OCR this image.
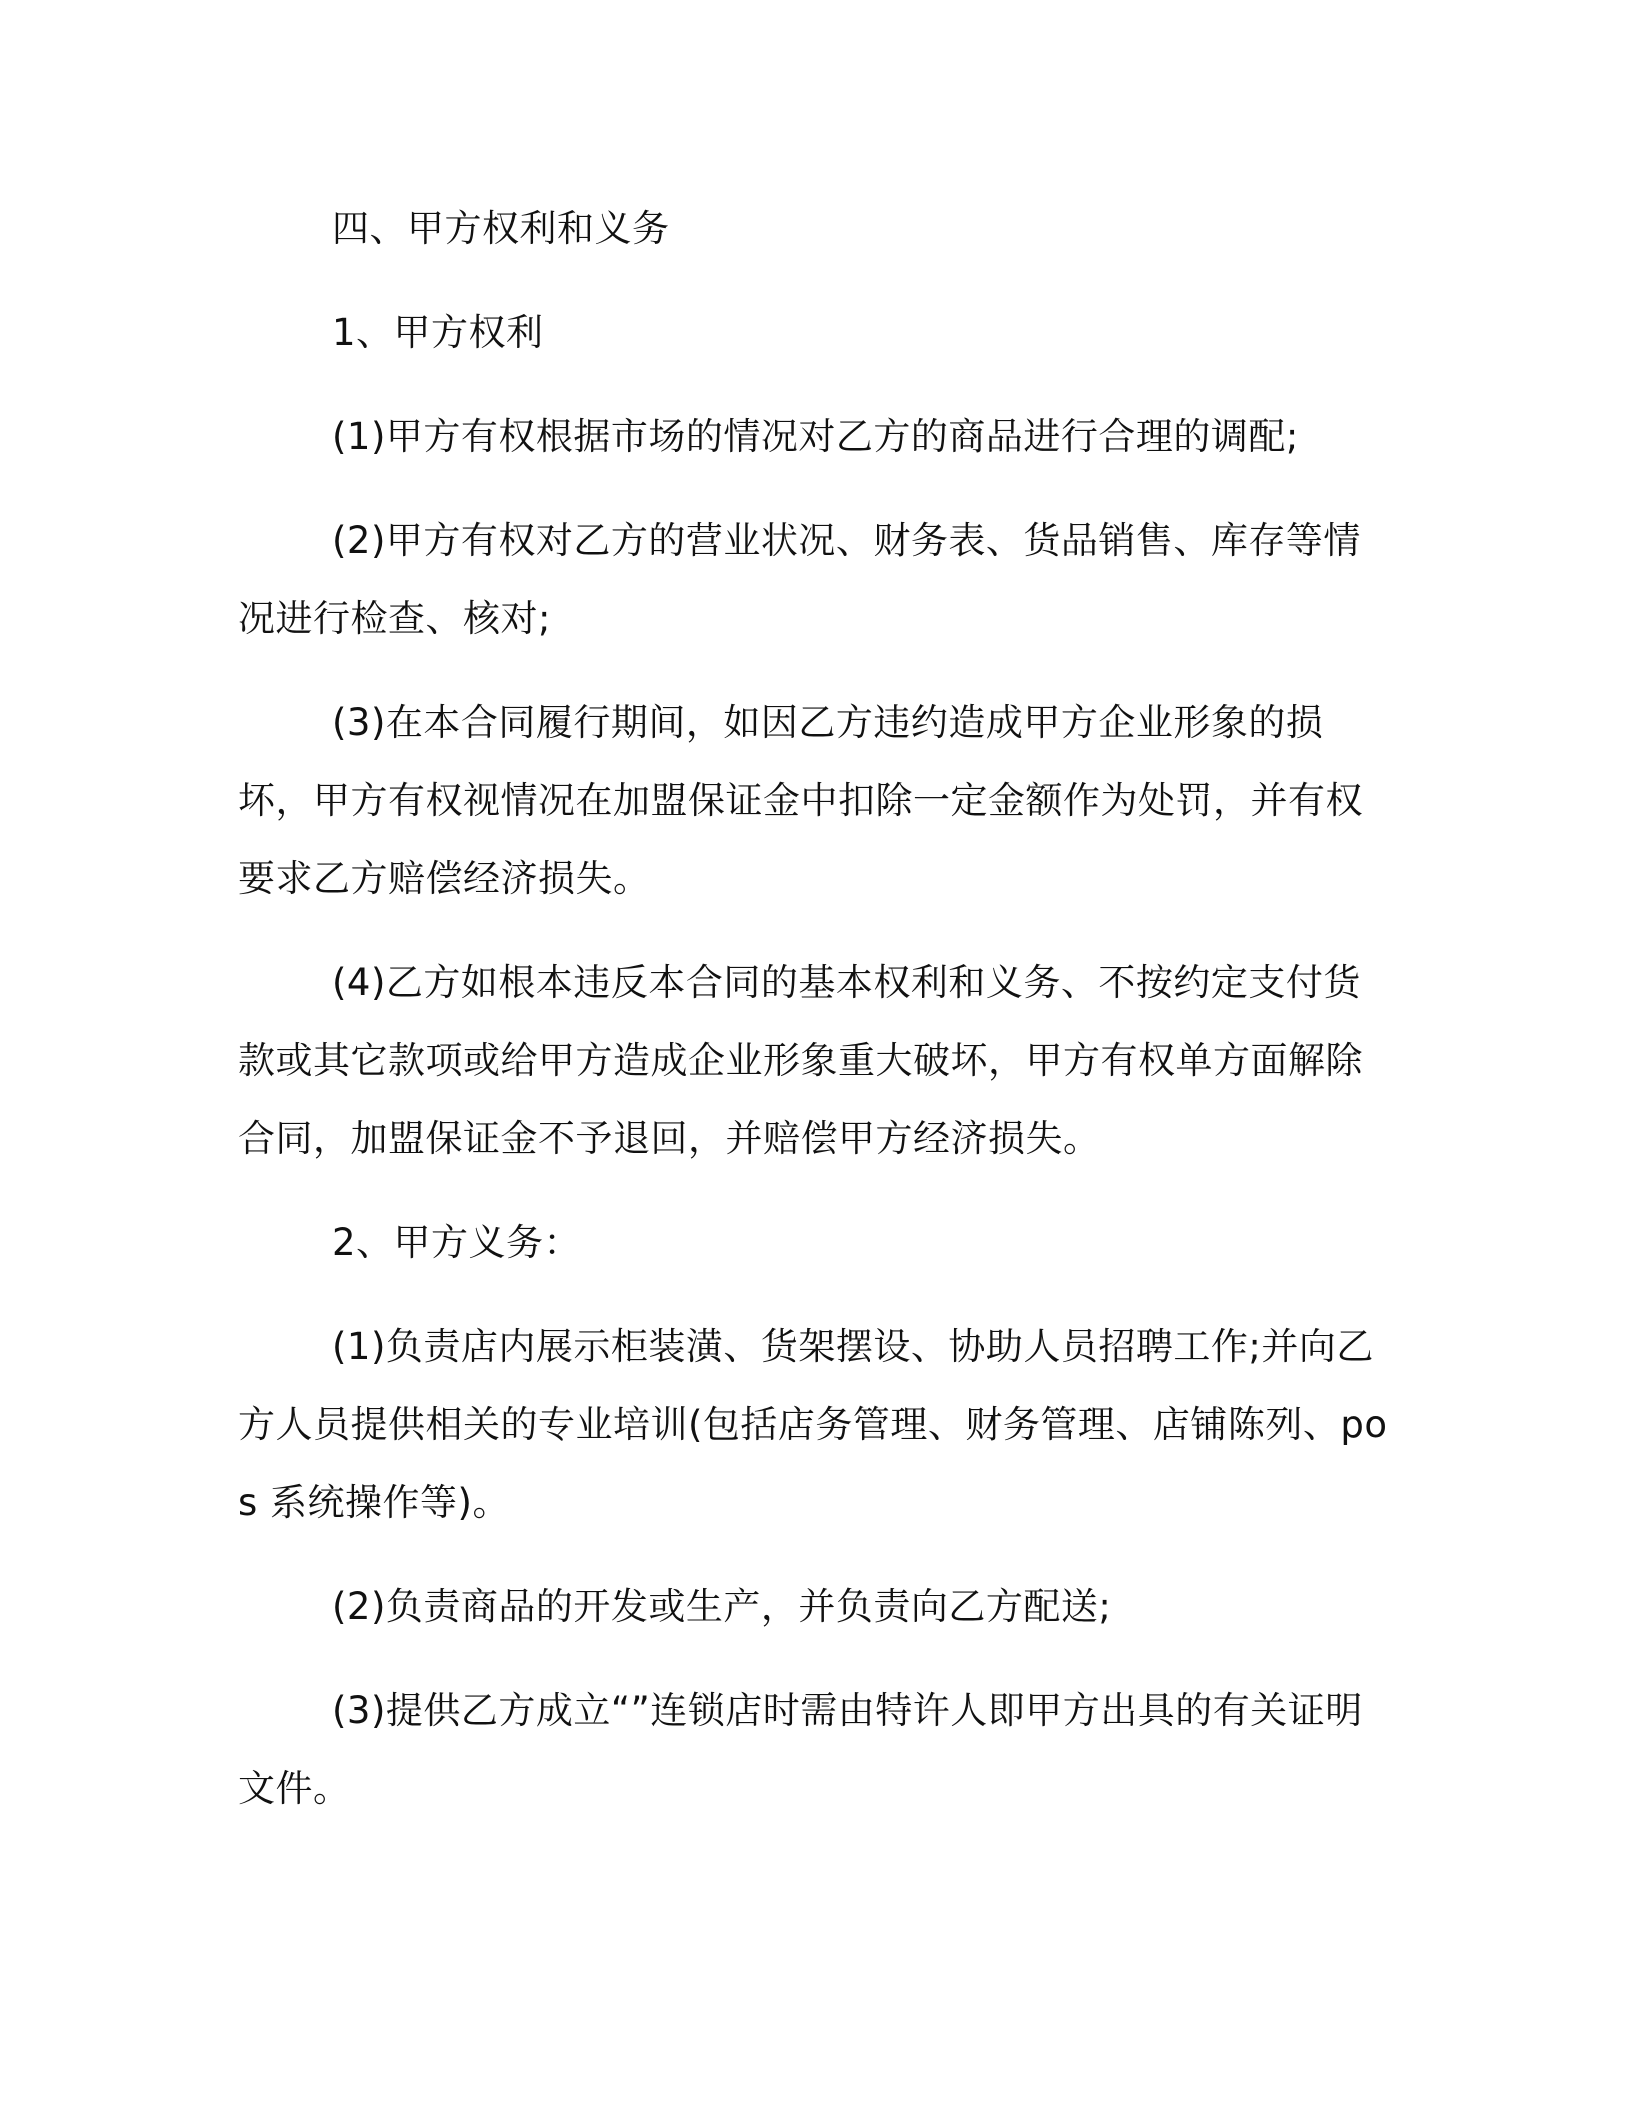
四、甲方权利和义务

1、甲方权利

(1)甲方有权根据市场的情况对乙方的商品进行合理的调配;

(2)甲方有权对乙方的营业状况、财务表、货品销售、库存等情况进行检查、核对;

(3)在本合同履行期间，如因乙方违约造成甲方企业形象的损坏，甲方有权视情况在加盟保证金中扣除一定金额作为处罚，并有权要求乙方赔偿经济损失。

(4)乙方如根本违反本合同的基本权利和义务、不按约定支付货款或其它款项或给甲方造成企业形象重大破坏，甲方有权单方面解除合同，加盟保证金不予退回，并赔偿甲方经济损失。

2、甲方义务：

(1)负责店内展示柜装潢、货架摆设、协助人员招聘工作;并向乙方人员提供相关的专业培训(包括店务管理、财务管理、店铺陈列、pos 系统操作等)。

(2)负责商品的开发或生产，并负责向乙方配送;

(3)提供乙方成立“”连锁店时需由特许人即甲方出具的有关证明文件。
